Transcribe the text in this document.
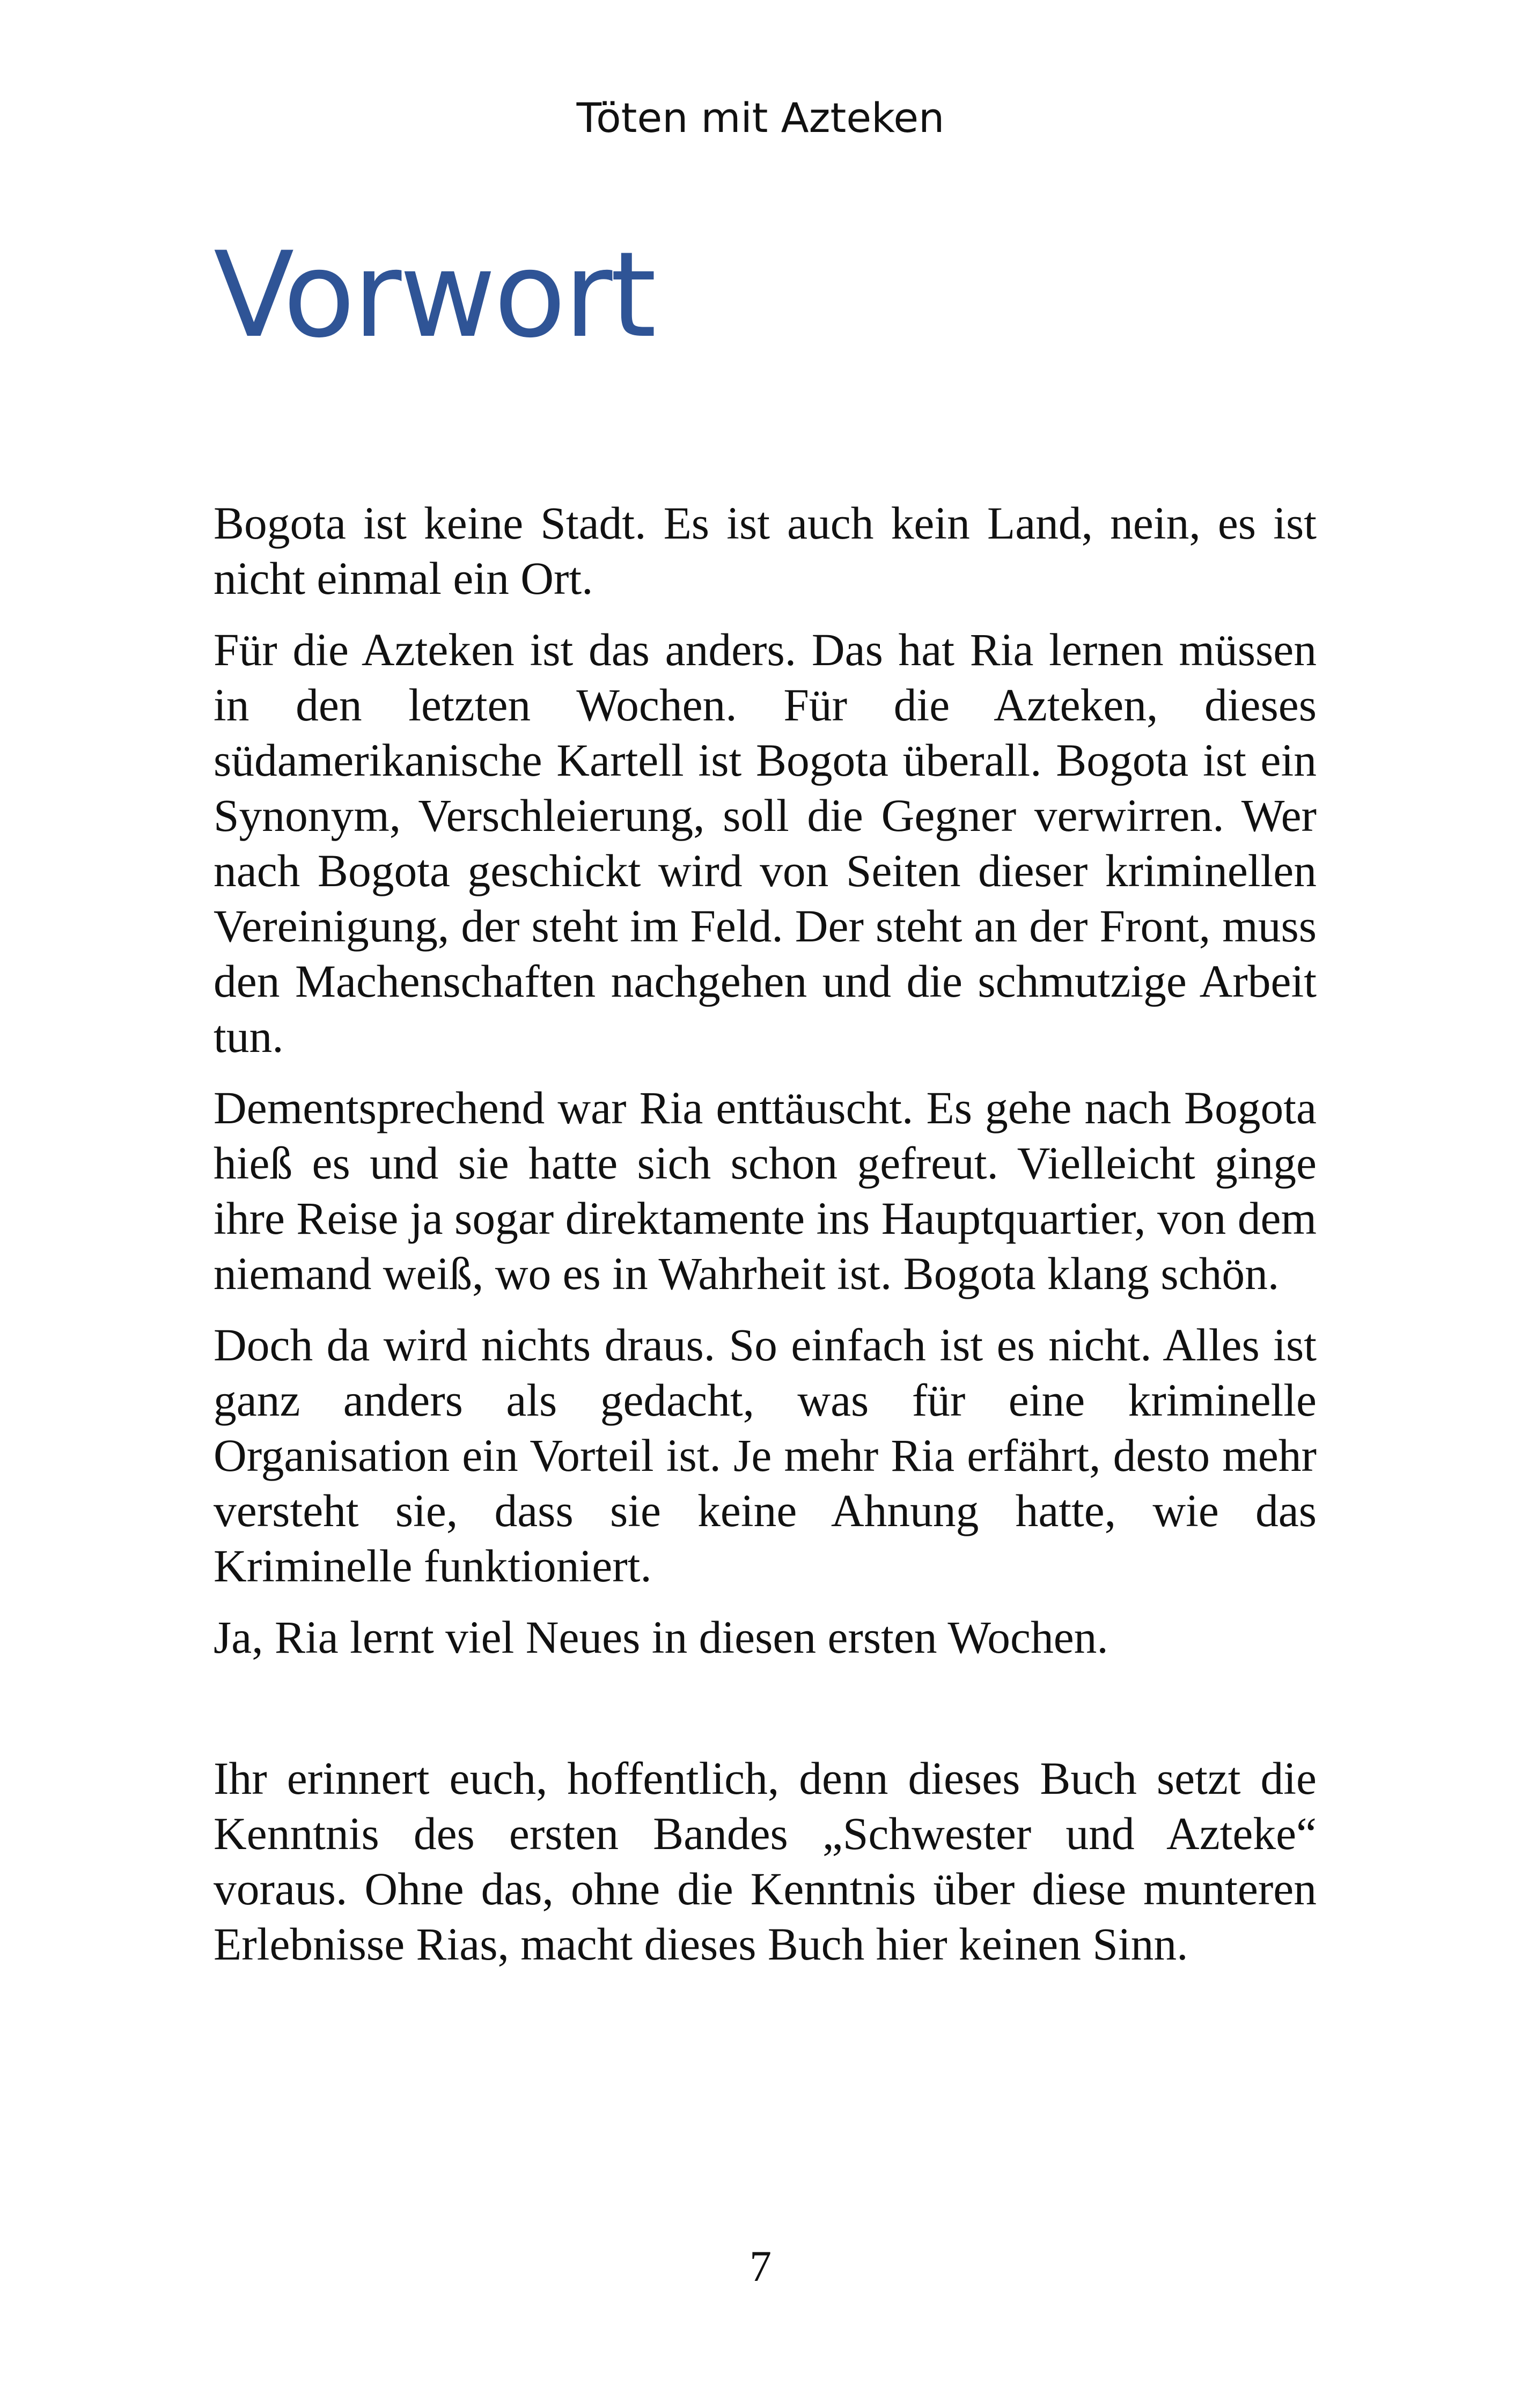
Töten mit Azteken
Vorwort

Bogota ist keine Stadt. Es ist auch kein Land, nein, es ist nicht einmal ein Ort.

Für die Azteken ist das anders. Das hat Ria lernen müssen in den letzten Wochen. Für die Azteken, dieses südamerikanische Kartell ist Bogota überall. Bogota ist ein Synonym, Verschleierung, soll die Gegner verwirren. Wer nach Bogota geschickt wird von Seiten dieser kriminellen Vereinigung, der steht im Feld. Der steht an der Front, muss den Machenschaften nachgehen und die schmutzige Arbeit tun.

Dementsprechend war Ria enttäuscht. Es gehe nach Bogota hieß es und sie hatte sich schon gefreut. Vielleicht ginge ihre Reise ja sogar direktamente ins Hauptquartier, von dem niemand weiß, wo es in Wahrheit ist. Bogota klang schön.

Doch da wird nichts draus. So einfach ist es nicht. Alles ist ganz anders als gedacht, was für eine kriminelle Organisation ein Vorteil ist. Je mehr Ria erfährt, desto mehr versteht sie, dass sie keine Ahnung hatte, wie das Kriminelle funktioniert.

Ja, Ria lernt viel Neues in diesen ersten Wochen.

Ihr erinnert euch, hoffentlich, denn dieses Buch setzt die Kenntnis des ersten Bandes „Schwester und Azteke“ voraus. Ohne das, ohne die Kenntnis über diese munteren Erlebnisse Rias, macht dieses Buch hier keinen Sinn.

7
